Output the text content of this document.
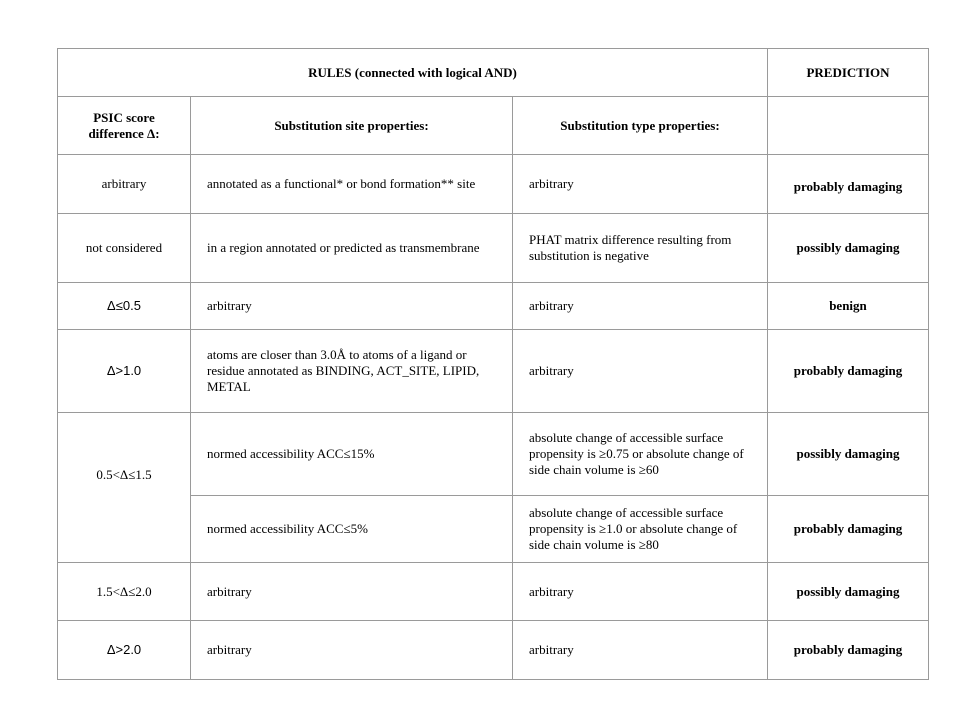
RULES (connected with logical AND)			PREDICTION

PSIC score
difference Δ:	Substitution site properties:	Substitution type properties:	
arbitrary	annotated as a functional* or bond formation** site	arbitrary	probably damaging
not considered	in a region annotated or predicted as transmembrane	PHAT matrix difference resulting from substitution is negative	possibly damaging
Δ≤0.5	arbitrary	arbitrary	benign
Δ>1.0	atoms are closer than 3.0Å to atoms of a ligand or residue annotated as BINDING, ACT_SITE, LIPID, METAL	arbitrary	probably damaging
0.5<Δ≤1.5	normed accessibility ACC≤15%	absolute change of accessible surface propensity is ≥0.75 or absolute change of side chain volume is ≥60	possibly damaging
	normed accessibility ACC≤5%	absolute change of accessible surface propensity is ≥1.0 or absolute change of side chain volume is ≥80	probably damaging
1.5<Δ≤2.0	arbitrary	arbitrary	possibly damaging
Δ>2.0	arbitrary	arbitrary	probably damaging
